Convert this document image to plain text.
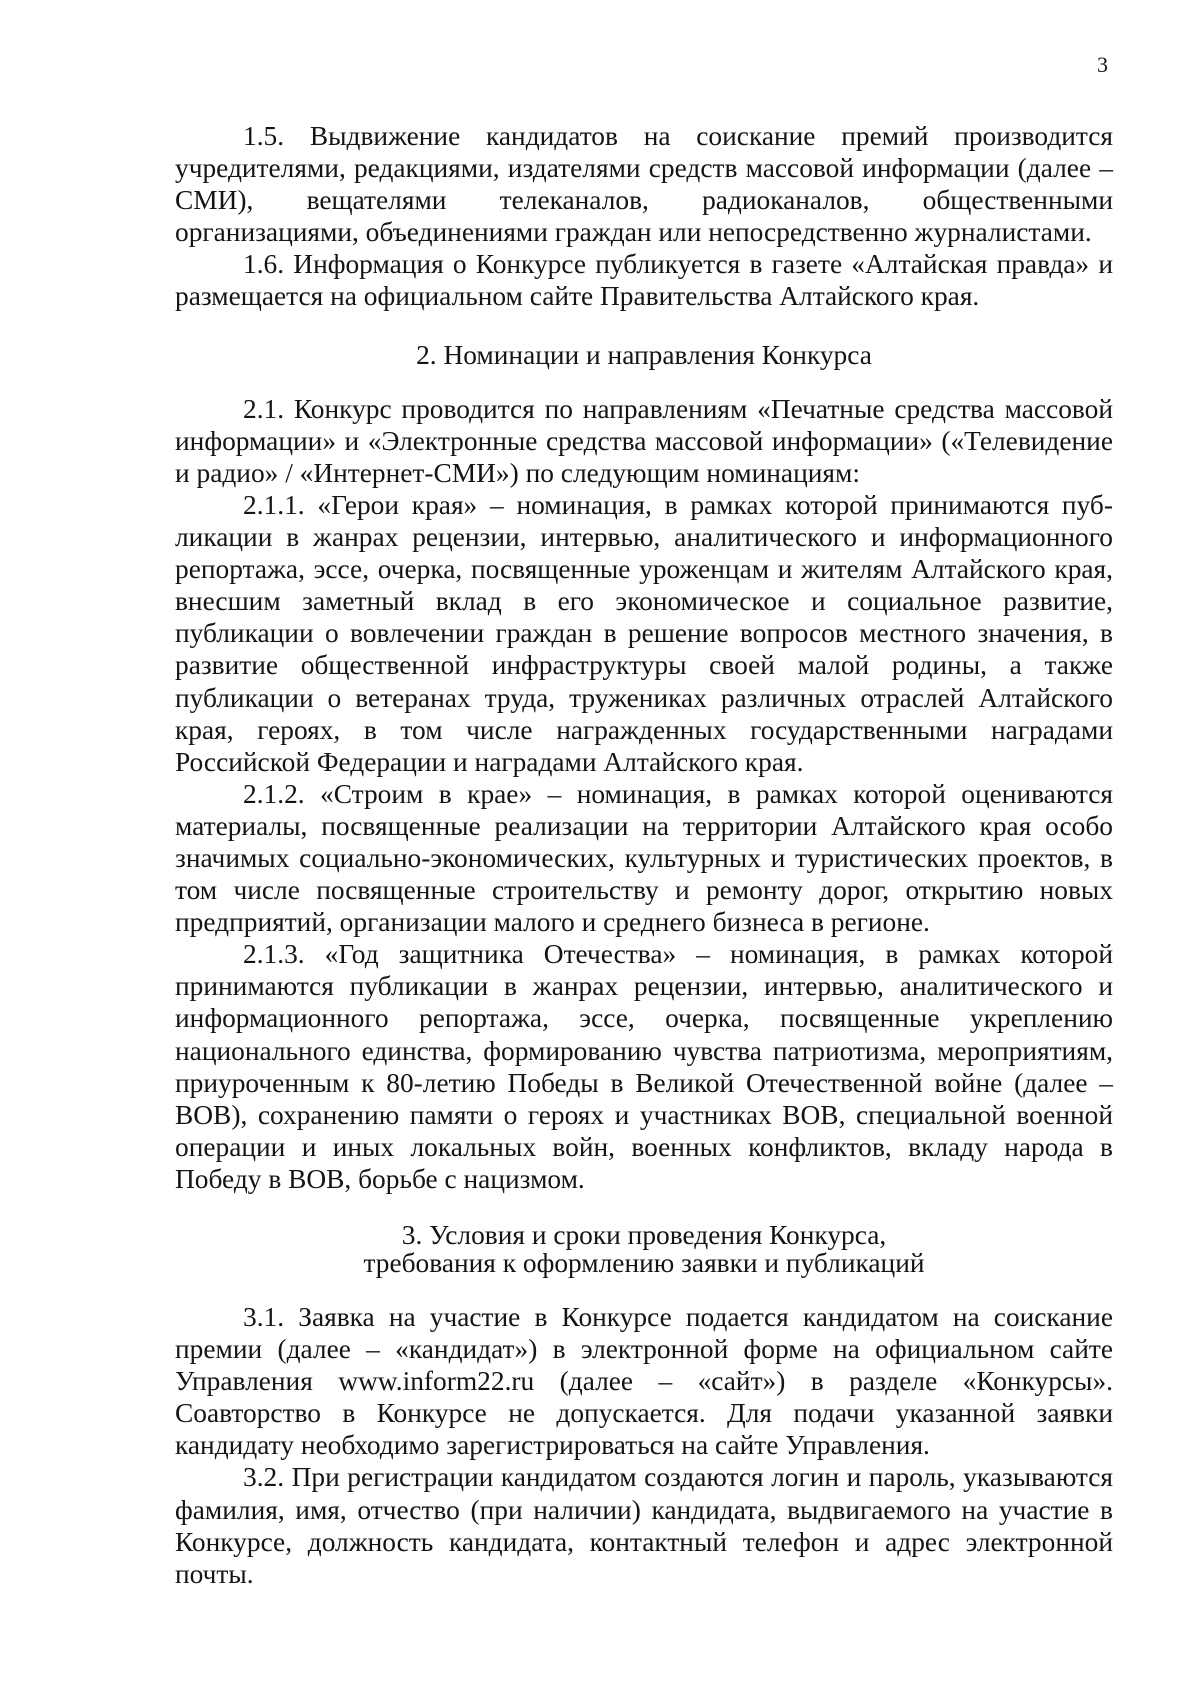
3

1.5. Выдвижение кандидатов на соискание премий производится учредителями, редакциями, издателями средств массовой информации (далее – СМИ), вещателями телеканалов, радиоканалов, общественными организациями, объединениями граждан или непосредственно журналистами.

1.6. Информация о Конкурсе публикуется в газете «Алтайская правда» и размещается на официальном сайте Правительства Алтайского края.

2. Номинации и направления Конкурса

2.1. Конкурс проводится по направлениям «Печатные средства массовой информации» и «Электронные средства массовой информации» («Телевидение и радио» / «Интернет-СМИ») по следующим номинациям:

2.1.1. «Герои края» – номинация, в рамках которой принимаются публикации в жанрах рецензии, интервью, аналитического и информационного репортажа, эссе, очерка, посвященные уроженцам и жителям Алтайского края, внесшим заметный вклад в его экономическое и социальное развитие, публикации о вовлечении граждан в решение вопросов местного значения, в развитие общественной инфраструктуры своей малой родины, а также публикации о ветеранах труда, тружениках различных отраслей Алтайского края, героях, в том числе награжденных государственными наградами Российской Федерации и наградами Алтайского края.

2.1.2. «Строим в крае» – номинация, в рамках которой оцениваются материалы, посвященные реализации на территории Алтайского края особо значимых социально-экономических, культурных и туристических проектов, в том числе посвященные строительству и ремонту дорог, открытию новых предприятий, организации малого и среднего бизнеса в регионе.

2.1.3. «Год защитника Отечества» – номинация, в рамках которой принимаются публикации в жанрах рецензии, интервью, аналитического и информационного репортажа, эссе, очерка, посвященные укреплению национального единства, формированию чувства патриотизма, мероприятиям, приуроченным к 80-летию Победы в Великой Отечественной войне (далее – ВОВ), сохранению памяти о героях и участниках ВОВ, специальной военной операции и иных локальных войн, военных конфликтов, вкладу народа в Победу в ВОВ, борьбе с нацизмом.

3. Условия и сроки проведения Конкурса,
требования к оформлению заявки и публикаций

3.1. Заявка на участие в Конкурсе подается кандидатом на соискание премии (далее – «кандидат») в электронной форме на официальном сайте Управления www.inform22.ru (далее – «сайт») в разделе «Конкурсы». Соавторство в Конкурсе не допускается. Для подачи указанной заявки кандидату необходимо зарегистрироваться на сайте Управления.

3.2. При регистрации кандидатом создаются логин и пароль, указываются фамилия, имя, отчество (при наличии) кандидата, выдвигаемого на участие в Конкурсе, должность кандидата, контактный телефон и адрес электронной почты.
